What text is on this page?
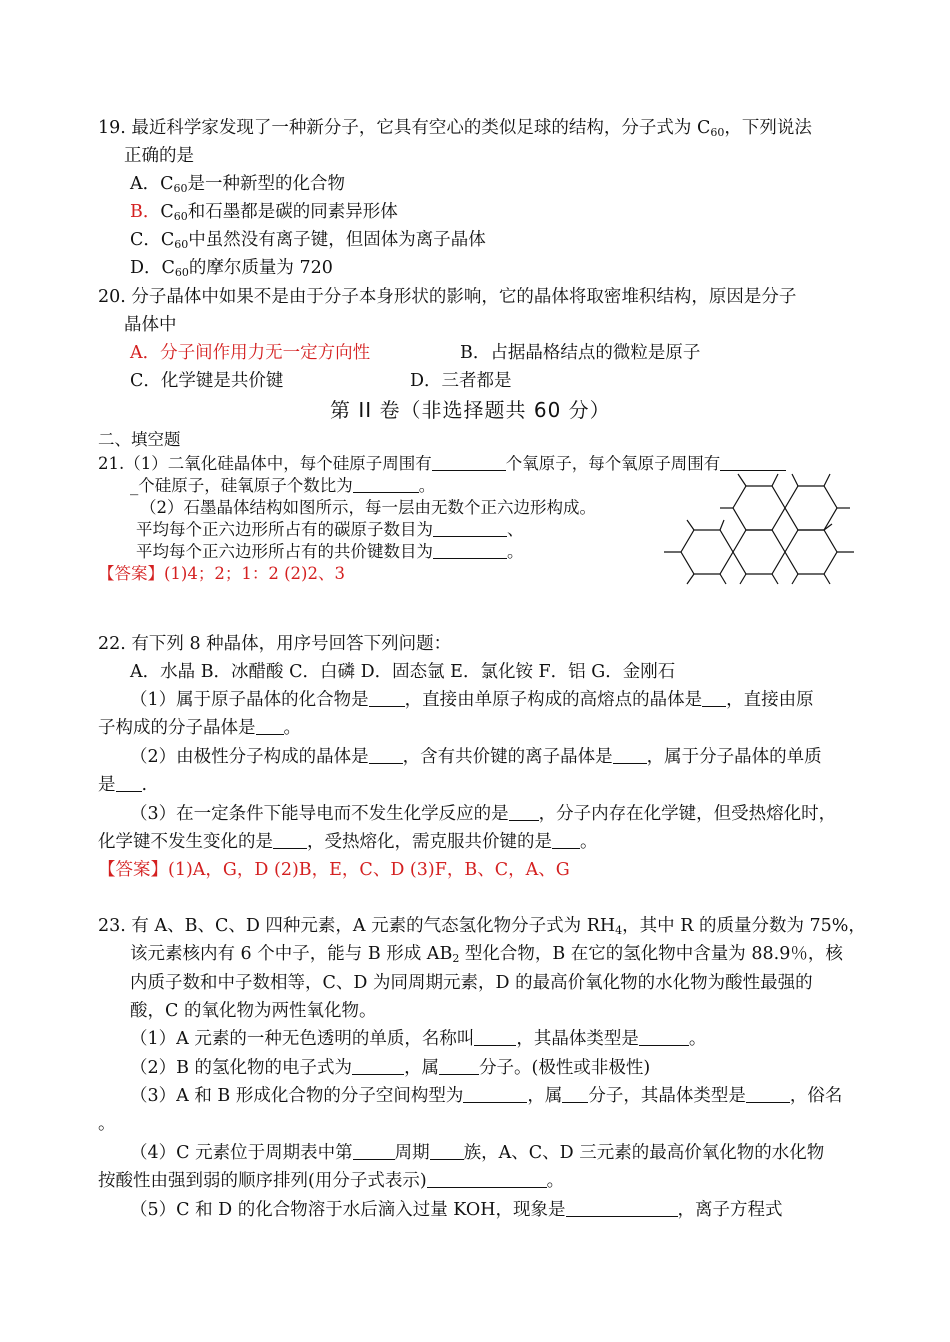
19. 最近科学家发现了一种新分子，它具有空心的类似足球的结构，分子式为 $C_{60}$，下列说法
正确的是
A．$C_{60}$是一种新型的化合物
B．$C_{60}$和石墨都是碳的同素异形体
C．$C_{60}$中虽然没有离子键，但固体为离子晶体
D．$C_{60}$的摩尔质量为 720
20. 分子晶体中如果不是由于分子本身形状的影响，它的晶体将取密堆积结构，原因是分子
晶体中
A．分子间作用力无一定方向性	B．占据晶格结点的微粒是原子
C．化学键是共价键	D．三者都是
第 II 卷（非选择题共 60 分）
二、填空题
21.（1）二氧化硅晶体中，每个硅原子周围有	个氧原子，每个氧原子周围有
_个硅原子，硅氧原子个数比为	。
（2）石墨晶体结构如图所示，每一层由无数个正六边形构成。
平均每个正六边形所占有的碳原子数目为	、
平均每个正六边形所占有的共价键数目为	。
【答案】(1)4；2；1：2 (2)2、3
22. 有下列 8 种晶体，用序号回答下列问题：
A．水晶 B．冰醋酸 C．白磷 D．固态氩 E．氯化铵 F．铝 G．金刚石
（1）属于原子晶体的化合物是 ，直接由单原子构成的高熔点的晶体是 ，直接由原
子构成的分子晶体是 。
（2）由极性分子构成的晶体是 ，含有共价键的离子晶体是 ，属于分子晶体的单质
是 .
（3）在一定条件下能导电而不发生化学反应的是 ，分子内存在化学键，但受热熔化时，
化学键不发生变化的是 ，受热熔化，需克服共价键的是 。
【答案】(1)A，G，D (2)B，E，C、D (3)F，B、C，A、G
23. 有 A、B、C、D 四种元素，A 元素的气态氢化物分子式为 $RH_4$，其中 R 的质量分数为 75%，
该元素核内有 6 个中子，能与 B 形成 $AB_2$ 型化合物，B 在它的氢化物中含量为 88.9％，核
内质子数和中子数相等，C、D 为同周期元素，D 的最高价氧化物的水化物为酸性最强的
酸，C 的氧化物为两性氧化物。
（1）A 元素的一种无色透明的单质，名称叫 ，其晶体类型是	。
（2）B 的氢化物的电子式为	，属 分子。(极性或非极性)
（3）A 和 B 形成化合物的分子空间构型为	，属 分子，其晶体类型是	，俗名
。
（4）C 元素位于周期表中第 周期 族，A、C、D 三元素的最高价氧化物的水化物
按酸性由强到弱的顺序排列(用分子式表示)	。
（5）C 和 D 的化合物溶于水后滴入过量 KOH，现象是	，离子方程式
